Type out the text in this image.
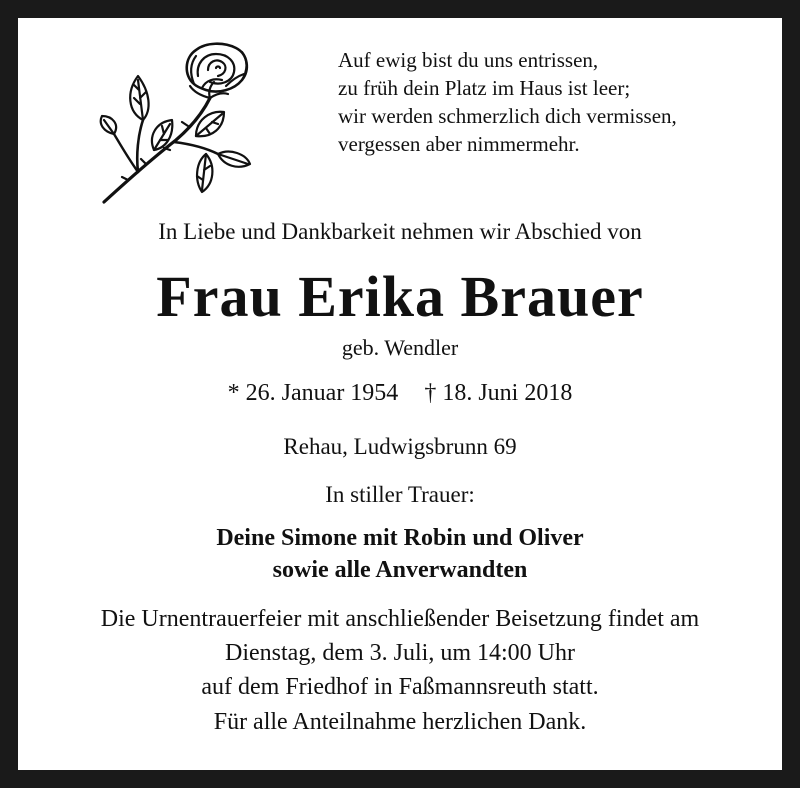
Auf ewig bist du uns entrissen,
zu früh dein Platz im Haus ist leer;
wir werden schmerzlich dich vermissen,
vergessen aber nimmermehr.
In Liebe und Dankbarkeit nehmen wir Abschied von
Frau Erika Brauer
geb. Wendler
* 26. Januar 1954 † 18. Juni 2018
Rehau, Ludwigsbrunn 69
In stiller Trauer:
Deine Simone mit Robin und Oliver
sowie alle Anverwandten
Die Urnentrauerfeier mit anschließender Beisetzung findet am
Dienstag, dem 3. Juli, um 14:00 Uhr
auf dem Friedhof in Faßmannsreuth statt.
Für alle Anteilnahme herzlichen Dank.
